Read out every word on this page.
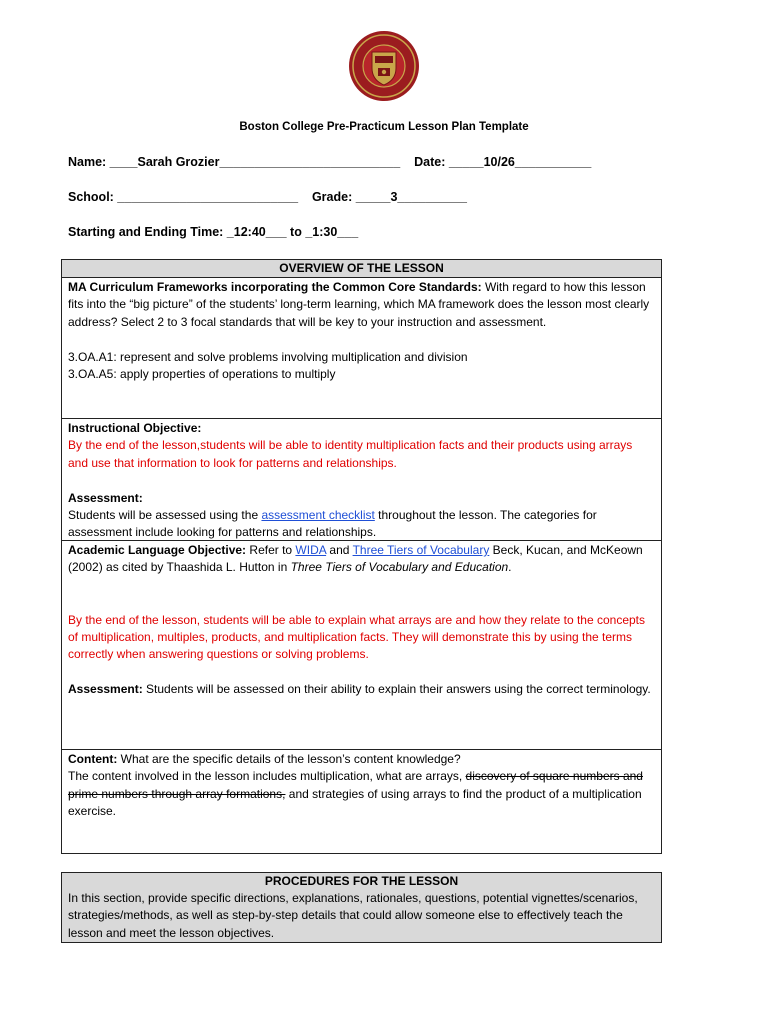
Boston College Pre-Practicum Lesson Plan Template
Name: ____Sarah Grozier__________________________    Date: _____10/26___________
School: __________________________    Grade: _____3__________
Starting and Ending Time: _12:40___ to _1:30___
OVERVIEW OF THE LESSON

MA Curriculum Frameworks incorporating the Common Core Standards: With regard to how this lesson fits into the “big picture” of the students’ long-term learning, which MA framework does the lesson most clearly address? Select 2 to 3 focal standards that will be key to your instruction and assessment.

3.OA.A1: represent and solve problems involving multiplication and division

3.OA.A5: apply properties of operations to multiply

Instructional Objective:

By the end of the lesson,students will be able to identity multiplication facts and their products using arrays and use that information to look for patterns and relationships.

Assessment:

Students will be assessed using the assessment checklist throughout the lesson. The categories for assessment include looking for patterns and relationships.

Academic Language Objective: Refer to WIDA and Three Tiers of Vocabulary Beck, Kucan, and McKeown (2002) as cited by Thaashida L. Hutton in Three Tiers of Vocabulary and Education.

By the end of the lesson, students will be able to explain what arrays are and how they relate to the concepts of multiplication, multiples, products, and multiplication facts. They will demonstrate this by using the terms correctly when answering questions or solving problems.

Assessment: Students will be assessed on their ability to explain their answers using the correct terminology.

Content: What are the specific details of the lesson’s content knowledge?

The content involved in the lesson includes multiplication, what are arrays, discovery of square numbers and prime numbers through array formations, and strategies of using arrays to find the product of a multiplication exercise.

PROCEDURES FOR THE LESSON
In this section, provide specific directions, explanations, rationales, questions, potential vignettes/scenarios, strategies/methods, as well as step-by-step details that could allow someone else to effectively teach the lesson and meet the lesson objectives.
